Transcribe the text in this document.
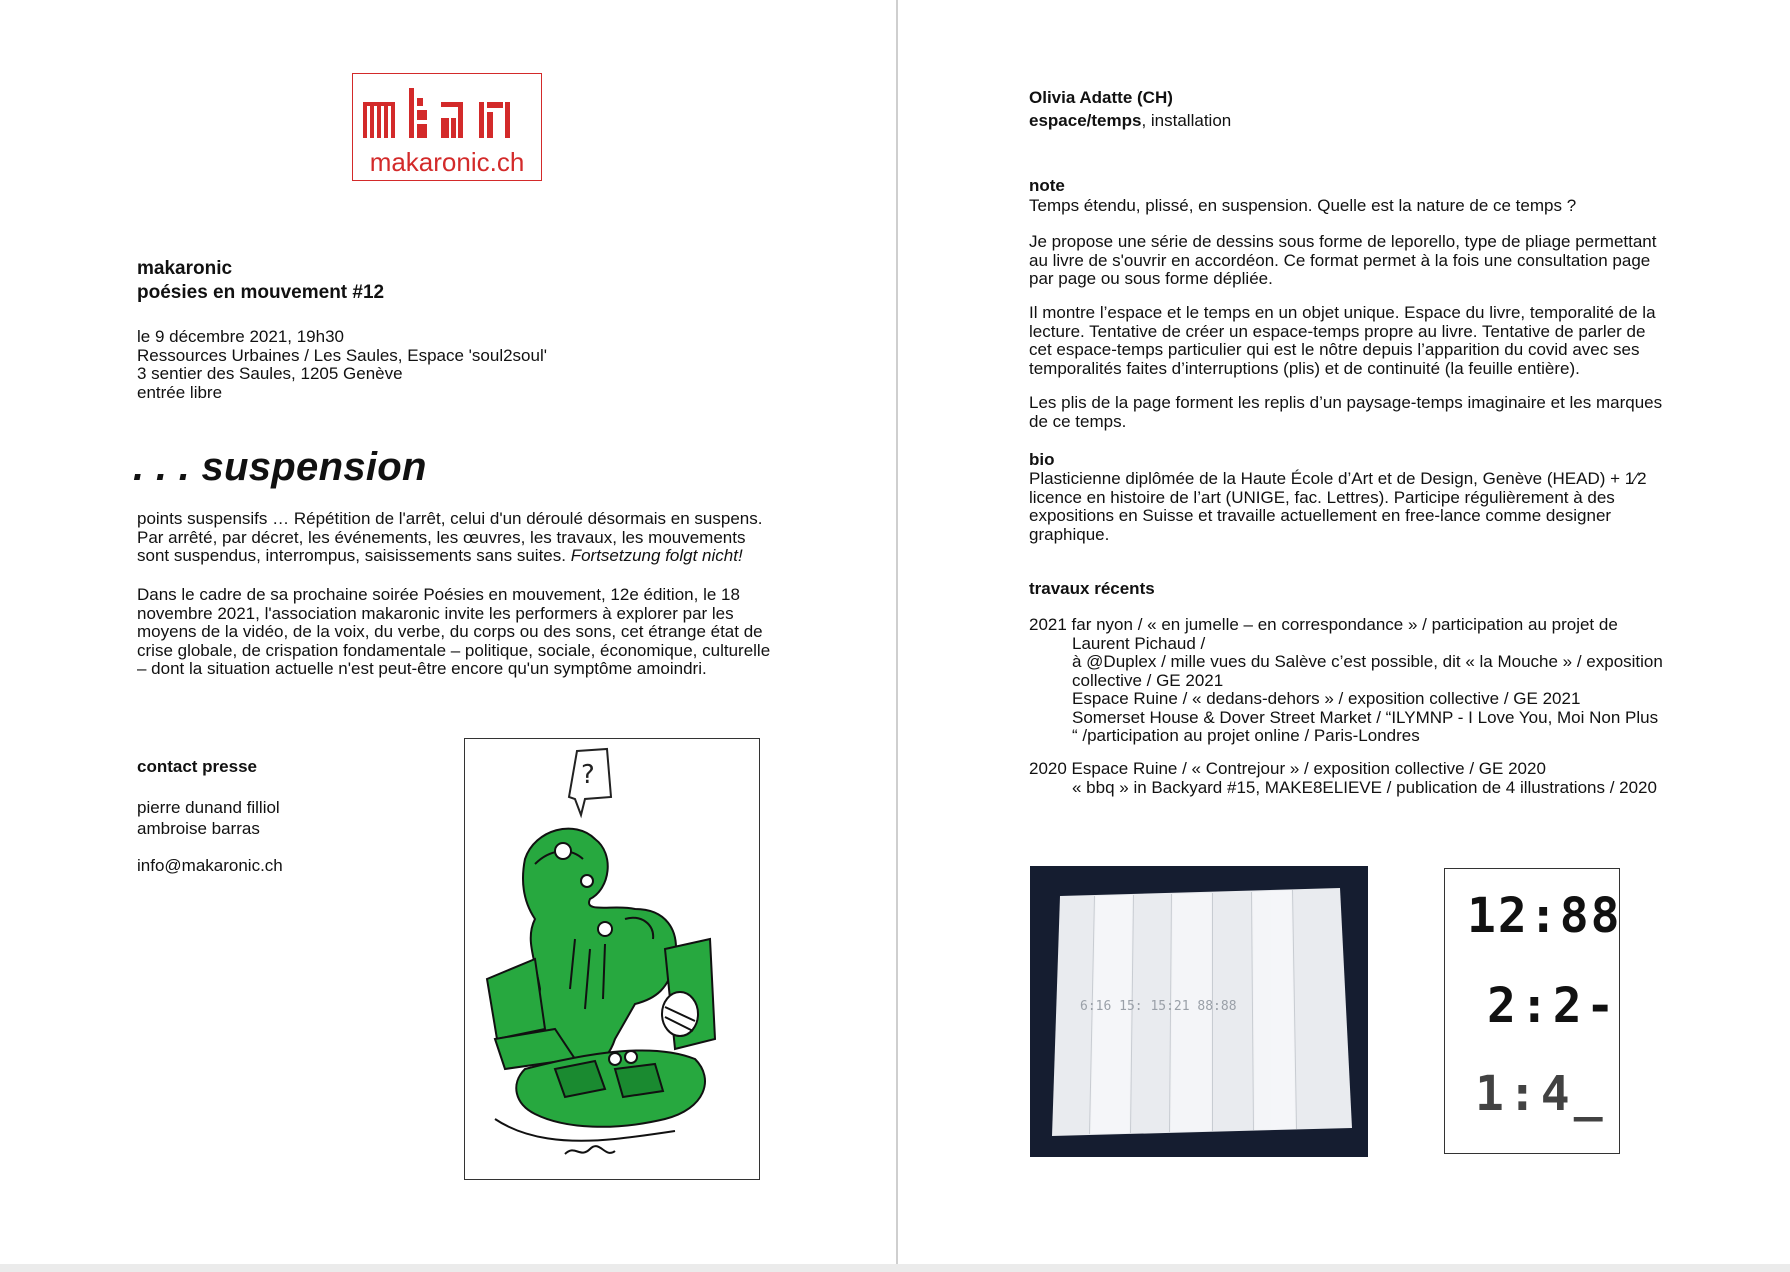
makaronic.ch
makaronic
poésies en mouvement #12

le 9 décembre 2021, 19h30

Ressources Urbaines / Les Saules, Espace 'soul2soul'

3 sentier des Saules, 1205 Genève

entrée libre

. . . suspension

points suspensifs … Répétition de l'arrêt, celui d'un déroulé désormais en suspens.

Par arrêté, par décret, les événements, les œuvres, les travaux, les mouvements

sont suspendus, interrompus, saisissements sans suites. Fortsetzung folgt nicht!

Dans le cadre de sa prochaine soirée Poésies en mouvement, 12e édition, le 18

novembre 2021, l'association makaronic invite les performers à explorer par les

moyens de la vidéo, de la voix, du verbe, du corps ou des sons, cet étrange état de

crise globale, de crispation fondamentale – politique, sociale, économique, culturelle

– dont la situation actuelle n'est peut-être encore qu'un symptôme amoindri.

contact presse

pierre dunand filliol

ambroise barras

info@makaronic.ch
?
Olivia Adatte (CH)
espace/temps, installation
note

Temps étendu, plissé, en suspension. Quelle est la nature de ce temps ?

Je propose une série de dessins sous forme de leporello, type de pliage permettant

au livre de s'ouvrir en accordéon. Ce format permet à la fois une consultation page

par page ou sous forme dépliée.

Il montre l’espace et le temps en un objet unique. Espace du livre, temporalité de la

lecture. Tentative de créer un espace-temps propre au livre. Tentative de parler de

cet espace-temps particulier qui est le nôtre depuis l’apparition du covid avec ses

temporalités faites d’interruptions (plis) et de continuité (la feuille entière).

Les plis de la page forment les replis d’un paysage-temps imaginaire et les marques

de ce temps.

bio

Plasticienne diplômée de la Haute École d’Art et de Design, Genève (HEAD) + 1⁄2

licence en histoire de l’art (UNIGE, fac. Lettres). Participe régulièrement à des

expositions en Suisse et travaille actuellement en free-lance comme designer

graphique.

travaux récents

2021 far nyon / « en jumelle – en correspondance » / participation au projet de

Laurent Pichaud /

à @Duplex / mille vues du Salève c’est possible, dit « la Mouche » / exposition

collective / GE 2021

Espace Ruine / « dedans-dehors » / exposition collective / GE 2021

Somerset House & Dover Street Market / “ILYMNP - I Love You, Moi Non Plus

“ /participation au projet online / Paris-Londres

2020 Espace Ruine / « Contrejour » / exposition collective / GE 2020

« bbq » in Backyard #15, MAKE8ELIEVE / publication de 4 illustrations / 2020

6:16 15: 15:21 88:88
12:88
2:2-
1:4_
